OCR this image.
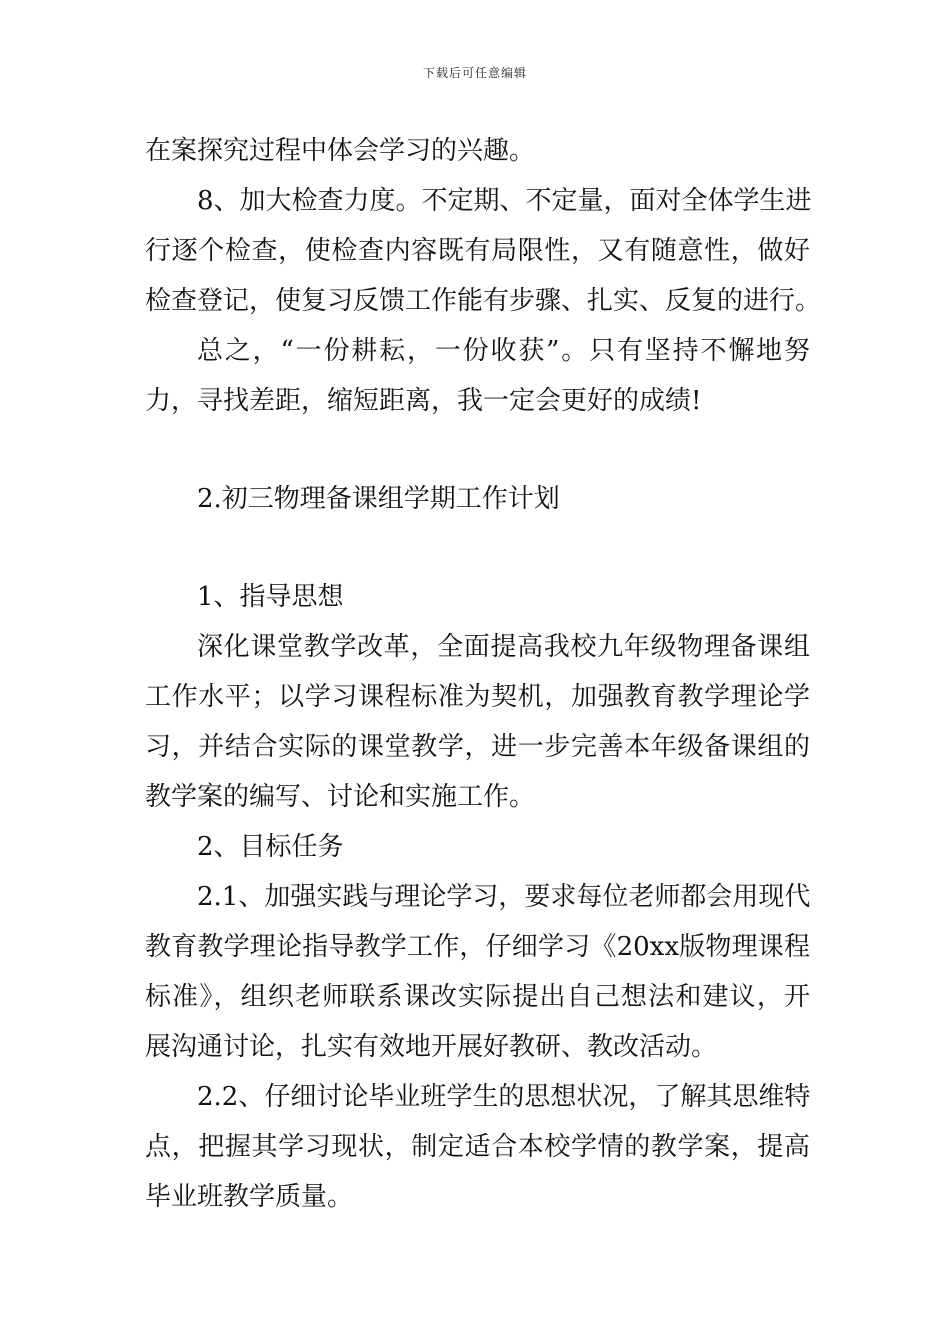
下载后可任意编辑
在案探究过程中体会学习的兴趣。
8、加大检查力度。不定期、不定量，面对全体学生进
行逐个检查，使检查内容既有局限性，又有随意性，做好
检查登记，使复习反馈工作能有步骤、扎实、反复的进行。
总之，“一份耕耘，一份收获”。只有坚持不懈地努
力，寻找差距，缩短距离，我一定会更好的成绩!
2.初三物理备课组学期工作计划
1、指导思想
深化课堂教学改革，全面提高我校九年级物理备课组
工作水平；以学习课程标准为契机，加强教育教学理论学
习，并结合实际的课堂教学，进一步完善本年级备课组的
教学案的编写、讨论和实施工作。
2、目标任务
2.1、加强实践与理论学习，要求每位老师都会用现代
教育教学理论指导教学工作，仔细学习《20xx版物理课程
标准》，组织老师联系课改实际提出自己想法和建议，开
展沟通讨论，扎实有效地开展好教研、教改活动。
2.2、仔细讨论毕业班学生的思想状况，了解其思维特
点，把握其学习现状，制定适合本校学情的教学案，提高
毕业班教学质量。
